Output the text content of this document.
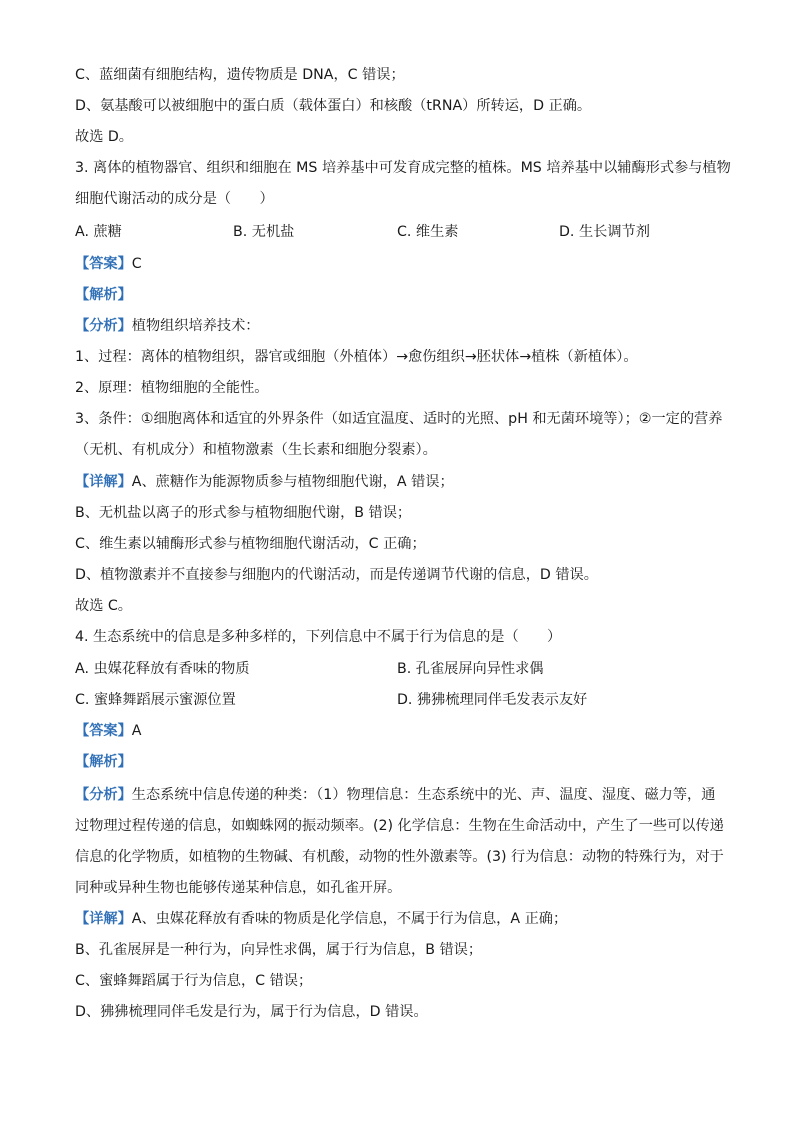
C、蓝细菌有细胞结构，遗传物质是 DNA，C 错误；
D、氨基酸可以被细胞中的蛋白质（载体蛋白）和核酸（tRNA）所转运，D 正确。
故选 D。
3. 离体的植物器官、组织和细胞在 MS 培养基中可发育成完整的植株。MS 培养基中以辅酶形式参与植物
细胞代谢活动的成分是（　　）
A. 蔗糖	B. 无机盐	C. 维生素	D. 生长调节剂
【答案】C
【解析】
【分析】植物组织培养技术：
1、过程：离体的植物组织，器官或细胞（外植体）→愈伤组织→胚状体→植株（新植体）。
2、原理：植物细胞的全能性。
3、条件：①细胞离体和适宜的外界条件（如适宜温度、适时的光照、pH 和无菌环境等）；②一定的营养
（无机、有机成分）和植物激素（生长素和细胞分裂素）。
【详解】A、蔗糖作为能源物质参与植物细胞代谢，A 错误；
B、无机盐以离子的形式参与植物细胞代谢，B 错误；
C、维生素以辅酶形式参与植物细胞代谢活动，C 正确；
D、植物激素并不直接参与细胞内的代谢活动，而是传递调节代谢的信息，D 错误。
故选 C。
4. 生态系统中的信息是多种多样的，下列信息中不属于行为信息的是（　　）
A. 虫媒花释放有香味的物质	B. 孔雀展屏向异性求偶
C. 蜜蜂舞蹈展示蜜源位置	D. 狒狒梳理同伴毛发表示友好
【答案】A
【解析】
【分析】生态系统中信息传递的种类：（1）物理信息：生态系统中的光、声、温度、湿度、磁力等，通
过物理过程传递的信息，如蜘蛛网的振动频率。(2) 化学信息：生物在生命活动中，产生了一些可以传递
信息的化学物质，如植物的生物碱、有机酸，动物的性外激素等。(3) 行为信息：动物的特殊行为，对于
同种或异种生物也能够传递某种信息，如孔雀开屏。
【详解】A、虫媒花释放有香味的物质是化学信息，不属于行为信息，A 正确；
B、孔雀展屏是一种行为，向异性求偶，属于行为信息，B 错误；
C、蜜蜂舞蹈属于行为信息，C 错误；
D、狒狒梳理同伴毛发是行为，属于行为信息，D 错误。
